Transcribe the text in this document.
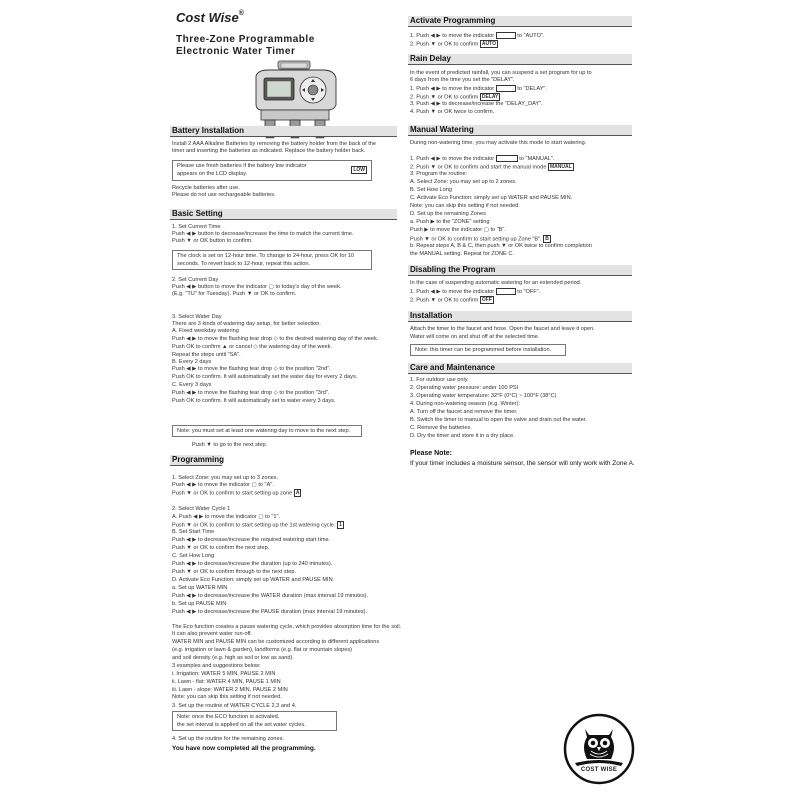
Cost Wise®
Three-Zone Programmable
Electronic Water Timer
Battery Installation
Install 2 AAA Alkaline Batteries by removing the battery holder from the back of the
timer and inserting the batteries as indicated. Replace the battery holder back.
Please use fresh batteries if the battery low indicator
appears on the LCD display.
LOW
Recycle batteries after use.
Please do not use rechargeable batteries.
Basic Setting
1. Set Current Time
Push ◀ ▶ button to decrease/increase the time to match the current time.
Push ▼ or OK button to confirm.
The clock is set on 12-hour time. To change to 24-hour, press OK for 10
seconds. To revert back to 12-hour, repeat this action.
2. Set Current Day
Push ◀ ▶ button to move the indicator ▢ to today's day of the week.
(E.g. "TU" for Tuesday). Push ▼ or OK to confirm.
3. Select Water Day
There are 3 kinds of watering day setup, for better selection.
A. Fixed weekday watering
Push ◀ ▶ to move the flashing tear drop ◇ to the desired watering day of the week.
Push OK to confirm ▲ or cancel ◇ the watering day of the week.
Repeat the steps until "SA".
B. Every 2 days
Push ◀ ▶ to move the flashing tear drop ◇ to the position "2nd".
Push OK to confirm. It will automatically set the water day for every 2 days.
C. Every 3 days
Push ◀ ▶ to move the flashing tear drop ◇ to the position "3rd".
Push OK to confirm. It will automatically set to water every 3 days.
Note: you must set at least one watering day to move to the next step.
Push ▼ to go to the next step.
Programming
1. Select Zone: you may set up to 3 zones.
Push ◀ ▶ to move the indicator ▢ to "A".
Push ▼ or OK to confirm to start setting up zone A
2. Select Water Cycle 1
A. Push ◀ ▶ to move the indicator ▢ to "1".
Push ▼ or OK to confirm to start setting up the 1st watering cycle. 1
B. Set Start Time
Push ◀ ▶ to decrease/increase the required watering start time.
Push ▼ or OK to confirm the next step.
C. Set How Long
Push ◀ ▶ to decrease/increase the duration (up to 240 minutes).
Push ▼ or OK to confirm through to the next step.
D. Activate Eco Function: simply set up WATER and PAUSE MIN.
a. Set up WATER MIN
Push ◀ ▶ to decrease/increase the WATER duration (max interval 19 minutes).
b. Set up PAUSE MIN
Push ◀ ▶ to decrease/increase the PAUSE duration (max interval 19 minutes).
The Eco function creates a pause watering cycle, which provides absorption time for the soil.
It can also prevent water run-off.
WATER MIN and PAUSE MIN can be customized according to different applications
(e.g. irrigation or lawn & garden), landforms (e.g. flat or mountain slopes)
and soil density (e.g. high as soil or low as sand).
3 examples and suggestions below:
i. Irrigation: WATER 5 MIN, PAUSE 2 MIN
ii. Lawn - flat: WATER 4 MIN, PAUSE 1 MIN
iii. Lawn - slope: WATER 2 MIN, PAUSE 2 MIN
Note: you can skip this setting if not needed.
3. Set up the routine of WATER CYCLE 2,3 and 4.
Note: once the ECO function is activated,
the set interval is applied on all the set water cycles.
4. Set up the routine for the remaining zones.
You have now completed all the programming.
Activate Programming
1. Push ◀ ▶ to move the indicator	to "AUTO".
2. Push ▼ or OK to confirm AUTO
Rain Delay
In the event of predicted rainfall, you can suspend a set program for up to
6 days from the time you set the "DELAY".
1. Push ◀ ▶ to move the indicator	to "DELAY".
2. Push ▼ or OK to confirm DELAY
3. Push ◀ ▶ to decrease/increase the "DELAY_DAY".
4. Push ▼ or OK twice to confirm.
Manual Watering
During non-watering time, you may activate this mode to start watering.
1. Push ◀ ▶ to move the indicator	to "MANUAL".
2. Push ▼ or OK to confirm and start the manual mode MANUAL
3. Program the routine:
A. Select Zone: you may set up to 2 zones.
B. Set How Long
C. Activate Eco Function: simply set up WATER and PAUSE MIN.
Note: you can skip this setting if not needed.
D. Set up the remaining Zones
a. Push ▶ to the "ZONE" setting
Push ▶ to move the indicator ▢ to "B".
Push ▼ or OK to confirm to start setting up Zone "B". B
b. Repeat steps A, B & C, then push ▼ or OK twice to confirm completion
the MANUAL setting. Repeat for ZONE C.
Disabling the Program
In the case of suspending automatic watering for an extended period.
1. Push ◀ ▶ to move the indicator	to "OFF".
2. Push ▼ or OK to confirm OFF
Installation
Attach the timer to the faucet and hose. Open the faucet and leave it open.
Water will come on and shut off at the selected time.
Note: this timer can be programmed before installation.
Care and Maintenance
1. For outdoor use only.
2. Operating water pressure: under 100 PSI
3. Operating water temperature: 32°F (0°C) ~ 100°F (38°C)
4. During non-watering season (e.g. Winter):
A. Turn off the faucet and remove the timer.
B. Switch the timer to manual to open the valve and drain out the water.
C. Remove the batteries.
D. Dry the timer and store it in a dry place.
Please Note:
If your timer includes a moisture sensor, the sensor will only work with Zone A.
COST WISE
